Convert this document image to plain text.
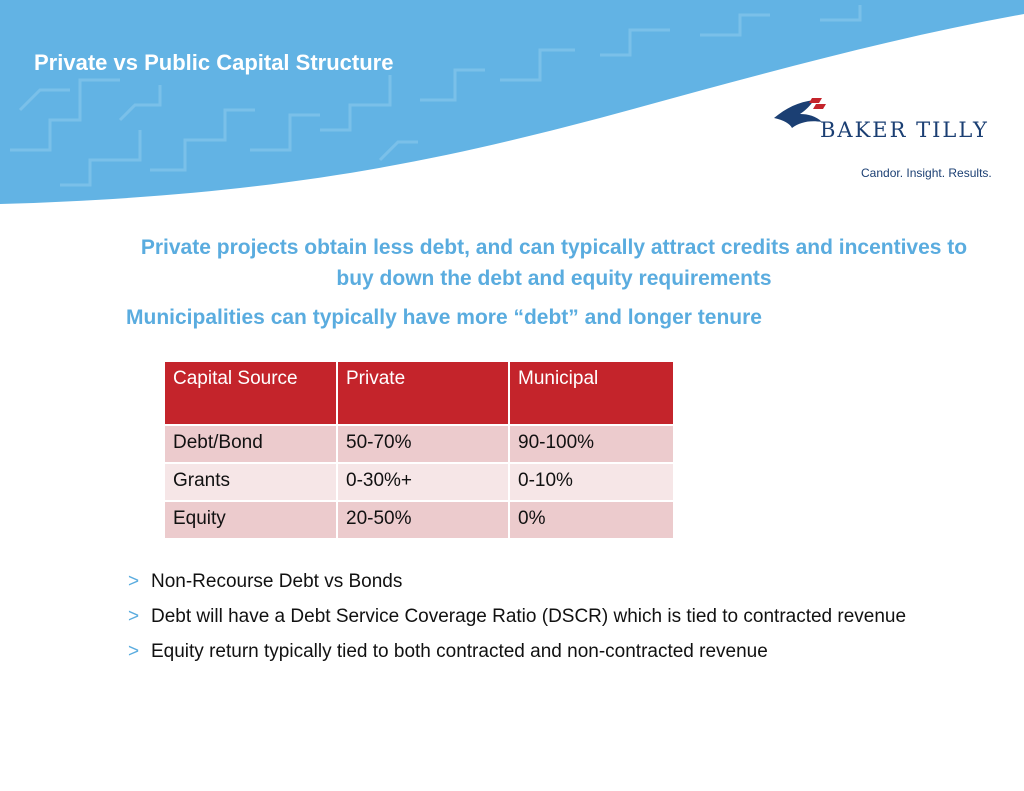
Private vs Public Capital Structure
BAKER TILLY
Candor. Insight. Results.

Private projects obtain less debt, and can typically attract credits and incentives to buy down the debt and equity requirements

Municipalities can typically have more “debt” and longer tenure

Capital Source	Private	Municipal
Debt/Bond	50-70%	90-100%
Grants	0-30%+	0-10%
Equity	20-50%	0%
> Non-Recourse Debt vs Bonds
> Debt will have a Debt Service Coverage Ratio (DSCR) which is tied to contracted revenue
> Equity return typically tied to both contracted and non-contracted revenue
